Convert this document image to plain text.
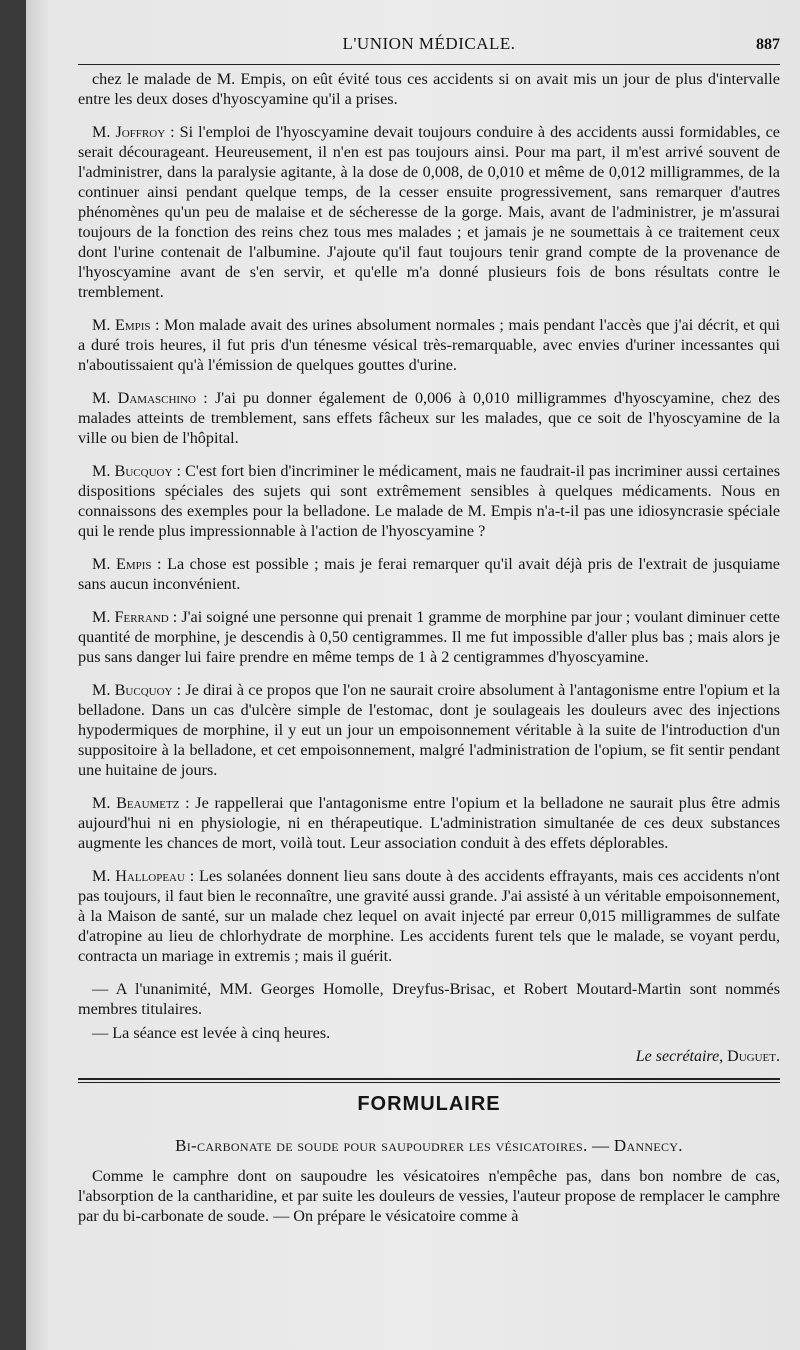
L'UNION MÉDICALE.	887

chez le malade de M. Empis, on eût évité tous ces accidents si on avait mis un jour de plus d'intervalle entre les deux doses d'hyoscyamine qu'il a prises.

M. Joffroy : Si l'emploi de l'hyoscyamine devait toujours conduire à des accidents aussi formidables, ce serait décourageant. Heureusement, il n'en est pas toujours ainsi. Pour ma part, il m'est arrivé souvent de l'administrer, dans la paralysie agitante, à la dose de 0,008, de 0,010 et même de 0,012 milligrammes, de la continuer ainsi pendant quelque temps, de la cesser ensuite progressivement, sans remarquer d'autres phénomènes qu'un peu de malaise et de sécheresse de la gorge. Mais, avant de l'administrer, je m'assurai toujours de la fonction des reins chez tous mes malades ; et jamais je ne soumettais à ce traitement ceux dont l'urine contenait de l'albumine. J'ajoute qu'il faut toujours tenir grand compte de la provenance de l'hyoscyamine avant de s'en servir, et qu'elle m'a donné plusieurs fois de bons résultats contre le tremblement.

M. Empis : Mon malade avait des urines absolument normales ; mais pendant l'accès que j'ai décrit, et qui a duré trois heures, il fut pris d'un ténesme vésical très-remarquable, avec envies d'uriner incessantes qui n'aboutissaient qu'à l'émission de quelques gouttes d'urine.

M. Damaschino : J'ai pu donner également de 0,006 à 0,010 milligrammes d'hyoscyamine, chez des malades atteints de tremblement, sans effets fâcheux sur les malades, que ce soit de l'hyoscyamine de la ville ou bien de l'hôpital.

M. Bucquoy : C'est fort bien d'incriminer le médicament, mais ne faudrait-il pas incriminer aussi certaines dispositions spéciales des sujets qui sont extrêmement sensibles à quelques médicaments. Nous en connaissons des exemples pour la belladone. Le malade de M. Empis n'a-t-il pas une idiosyncrasie spéciale qui le rende plus impressionnable à l'action de l'hyoscyamine ?

M. Empis : La chose est possible ; mais je ferai remarquer qu'il avait déjà pris de l'extrait de jusquiame sans aucun inconvénient.

M. Ferrand : J'ai soigné une personne qui prenait 1 gramme de morphine par jour ; voulant diminuer cette quantité de morphine, je descendis à 0,50 centigrammes. Il me fut impossible d'aller plus bas ; mais alors je pus sans danger lui faire prendre en même temps de 1 à 2 centigrammes d'hyoscyamine.

M. Bucquoy : Je dirai à ce propos que l'on ne saurait croire absolument à l'antagonisme entre l'opium et la belladone. Dans un cas d'ulcère simple de l'estomac, dont je soulageais les douleurs avec des injections hypodermiques de morphine, il y eut un jour un empoisonnement véritable à la suite de l'introduction d'un suppositoire à la belladone, et cet empoisonnement, malgré l'administration de l'opium, se fit sentir pendant une huitaine de jours.

M. Beaumetz : Je rappellerai que l'antagonisme entre l'opium et la belladone ne saurait plus être admis aujourd'hui ni en physiologie, ni en thérapeutique. L'administration simultanée de ces deux substances augmente les chances de mort, voilà tout. Leur association conduit à des effets déplorables.

M. Hallopeau : Les solanées donnent lieu sans doute à des accidents effrayants, mais ces accidents n'ont pas toujours, il faut bien le reconnaître, une gravité aussi grande. J'ai assisté à un véritable empoisonnement, à la Maison de santé, sur un malade chez lequel on avait injecté par erreur 0,015 milligrammes de sulfate d'atropine au lieu de chlorhydrate de morphine. Les accidents furent tels que le malade, se voyant perdu, contracta un mariage in extremis ; mais il guérit.

— A l'unanimité, MM. Georges Homolle, Dreyfus-Brisac, et Robert Moutard-Martin sont nommés membres titulaires.

— La séance est levée à cinq heures.

Le secrétaire, Duguet.
FORMULAIRE
Bi-carbonate de soude pour saupoudrer les vésicatoires. — Dannecy.

Comme le camphre dont on saupoudre les vésicatoires n'empêche pas, dans bon nombre de cas, l'absorption de la cantharidine, et par suite les douleurs de vessies, l'auteur propose de remplacer le camphre par du bi-carbonate de soude. — On prépare le vésicatoire comme à
